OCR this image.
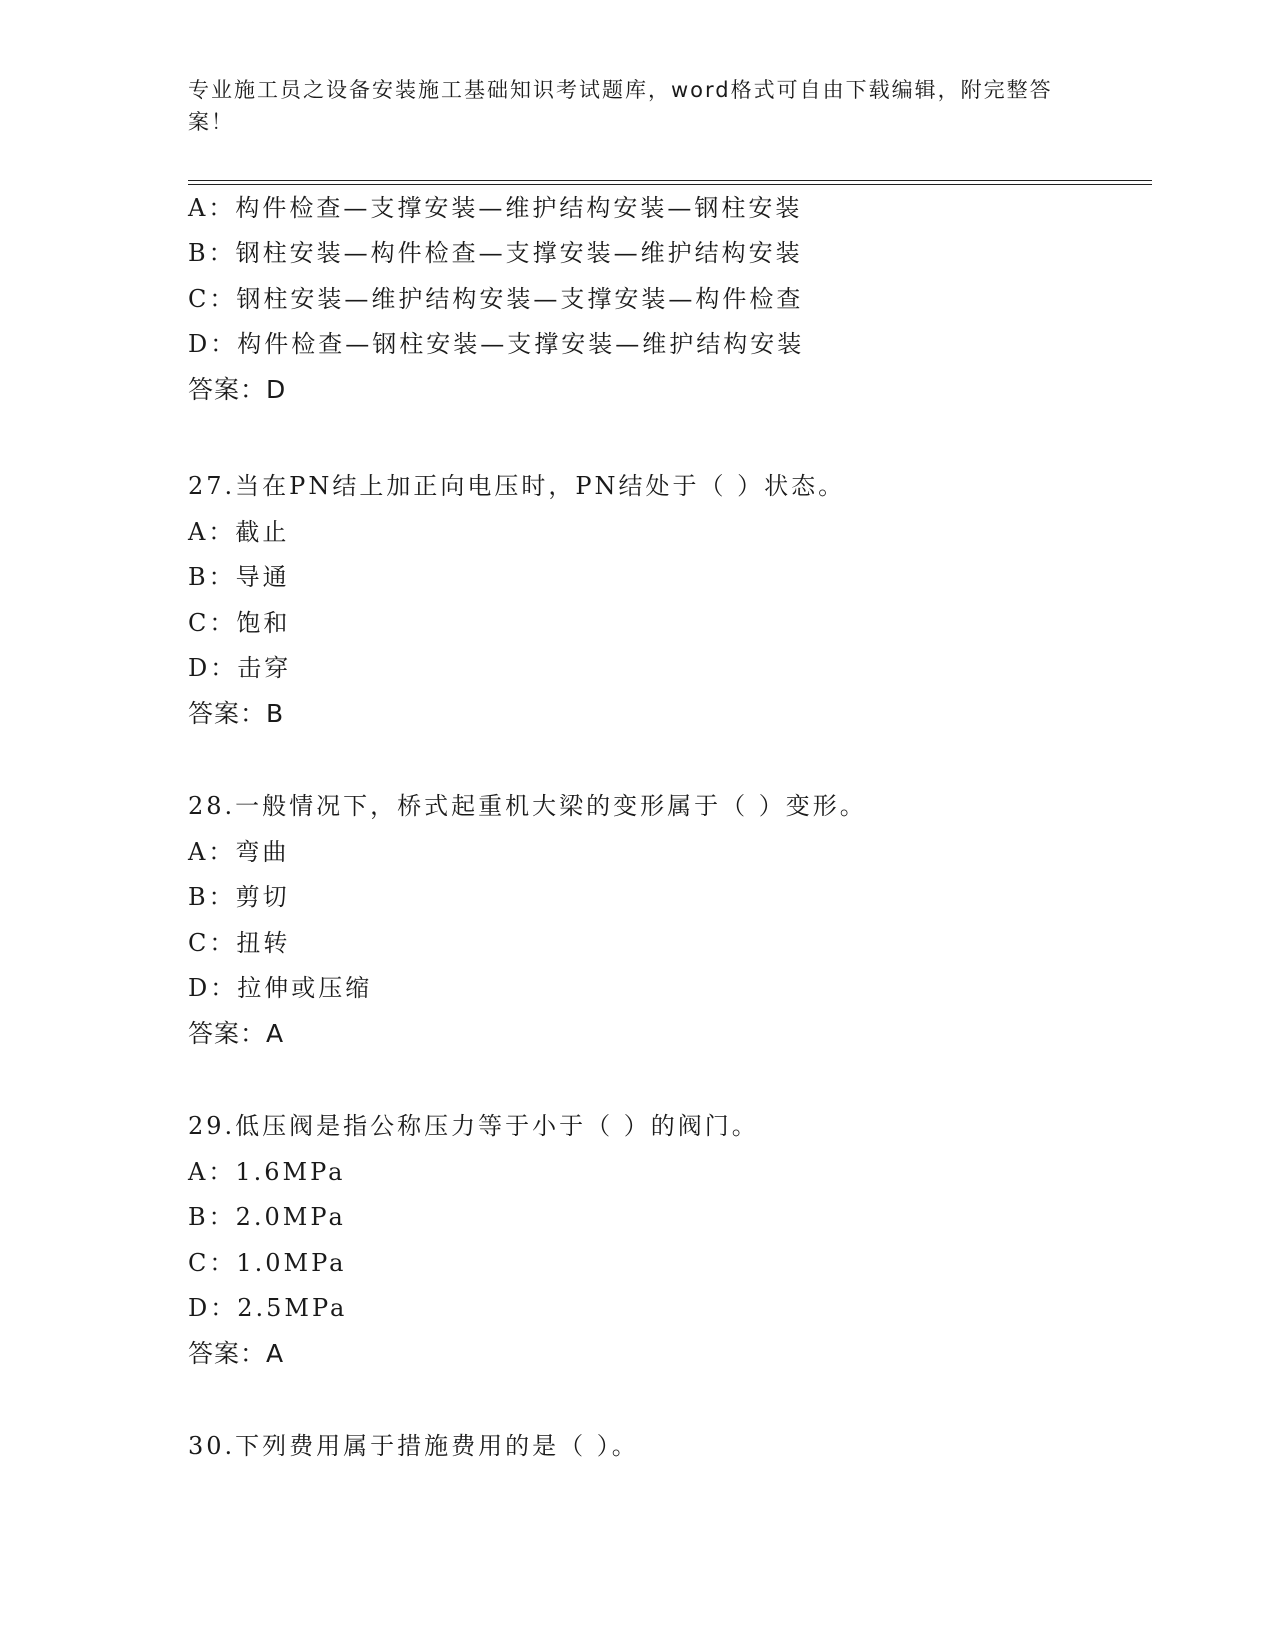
专业施工员之设备安装施工基础知识考试题库，word格式可自由下载编辑，附完整答案！
A：构件检查—支撑安装—维护结构安装—钢柱安装
B：钢柱安装—构件检查—支撑安装—维护结构安装
C：钢柱安装—维护结构安装—支撑安装—构件检查
D：构件检查—钢柱安装—支撑安装—维护结构安装
答案：D
27.当在PN结上加正向电压时，PN结处于（ ）状态。
A：截止
B：导通
C：饱和
D：击穿
答案：B
28.一般情况下，桥式起重机大梁的变形属于（ ）变形。
A：弯曲
B：剪切
C：扭转
D：拉伸或压缩
答案：A
29.低压阀是指公称压力等于小于（ ）的阀门。
A：1.6MPa
B：2.0MPa
C：1.0MPa
D：2.5MPa
答案：A
30.下列费用属于措施费用的是（ ）。
